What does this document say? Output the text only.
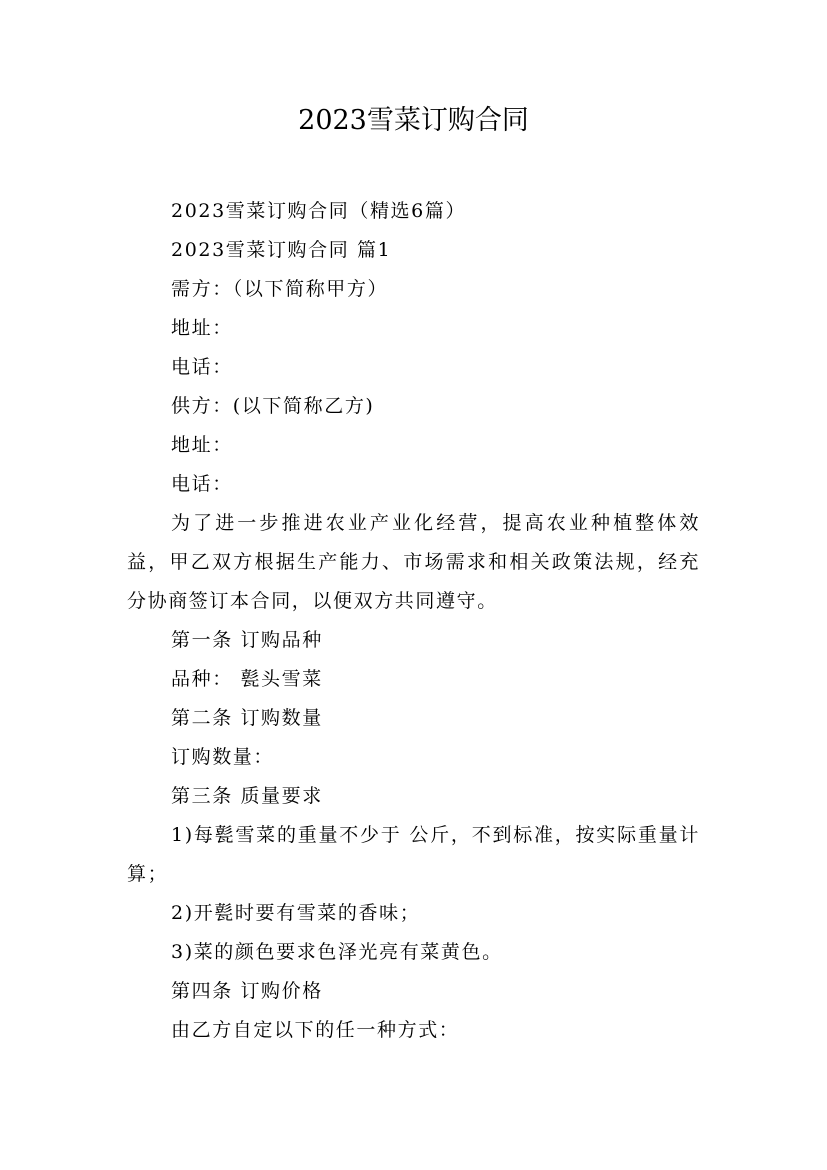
2023雪菜订购合同

2023雪菜订购合同（精选6篇）

2023雪菜订购合同 篇1

需方：（以下简称甲方）

地址：

电话：

供方：(以下简称乙方)

地址：

电话：

为了进一步推进农业产业化经营，提高农业种植整体效益，甲乙双方根据生产能力、市场需求和相关政策法规，经充分协商签订本合同，以便双方共同遵守。

第一条 订购品种

品种： 甏头雪菜

第二条 订购数量

订购数量：

第三条 质量要求

1)每甏雪菜的重量不少于 公斤，不到标准，按实际重量计算；

2)开甏时要有雪菜的香味；

3)菜的颜色要求色泽光亮有菜黄色。

第四条 订购价格

由乙方自定以下的任一种方式：
